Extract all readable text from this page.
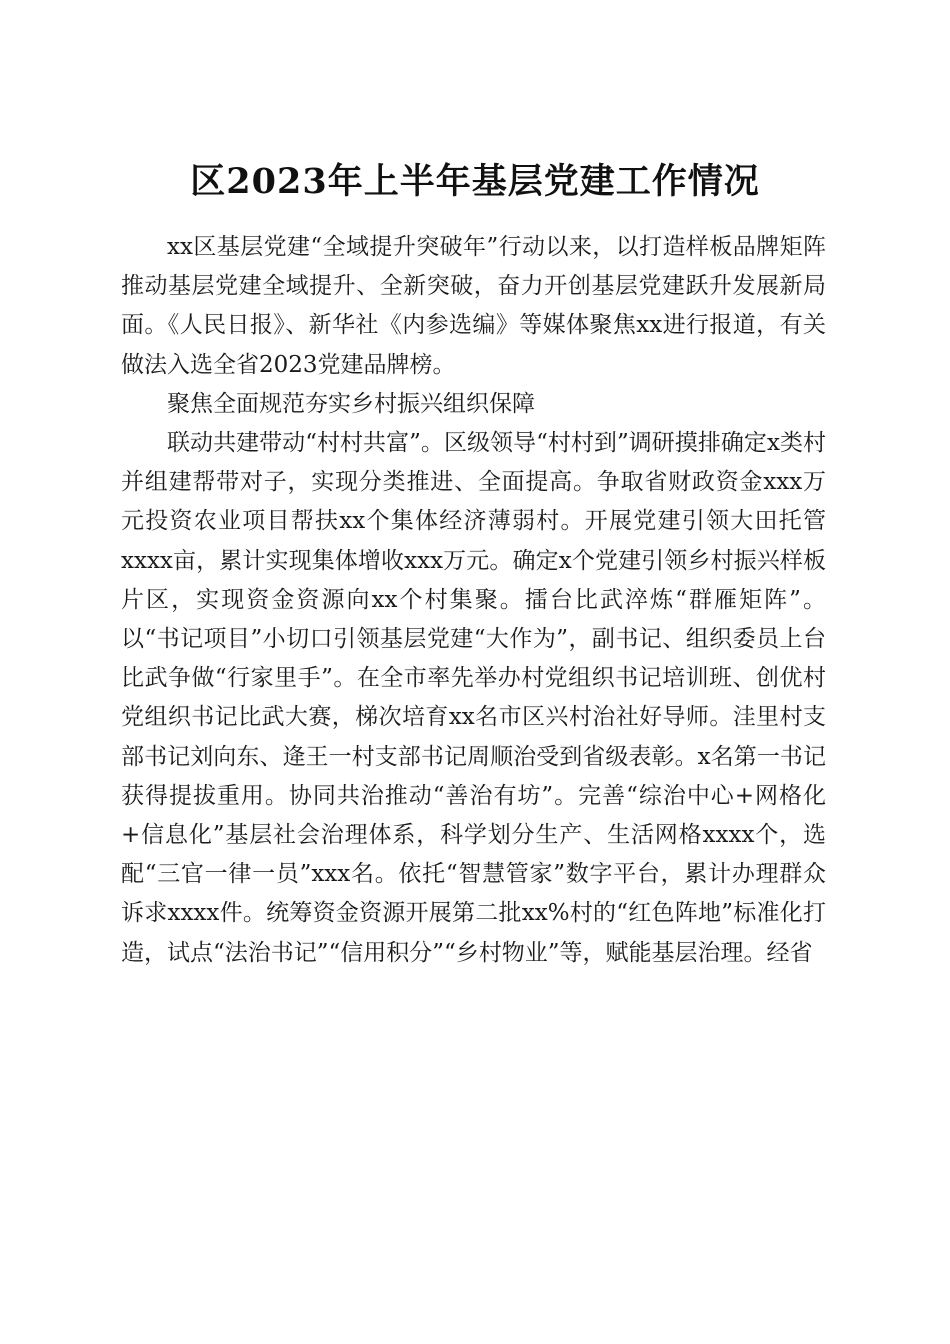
区2023年上半年基层党建工作情况

xx区基层党建“全域提升突破年”行动以来，以打造样板品牌矩阵推动基层党建全域提升、全新突破，奋力开创基层党建跃升发展新局面。《人民日报》、新华社《内参选编》等媒体聚焦xx进行报道，有关做法入选全省2023党建品牌榜。

聚焦全面规范夯实乡村振兴组织保障

联动共建带动“村村共富”。区级领导“村村到”调研摸排确定x类村并组建帮带对子，实现分类推进、全面提高。争取省财政资金xxx万元投资农业项目帮扶xx个集体经济薄弱村。开展党建引领大田托管xxxx亩，累计实现集体增收xxx万元。确定x个党建引领乡村振兴样板片区，实现资金资源向xx个村集聚。擂台比武淬炼“群雁矩阵”。以“书记项目”小切口引领基层党建“大作为”，副书记、组织委员上台比武争做“行家里手”。在全市率先举办村党组织书记培训班、创优村党组织书记比武大赛，梯次培育xx名市区兴村治社好导师。洼里村支部书记刘向东、逄王一村支部书记周顺治受到省级表彰。x名第一书记获得提拔重用。协同共治推动“善治有坊”。完善“综治中心+网格化+信息化”基层社会治理体系，科学划分生产、生活网格xxxx个，选配“三官一律一员”xxx名。依托“智慧管家”数字平台，累计办理群众诉求xxxx件。统筹资金资源开展第二批xx%村的“红色阵地”标准化打造，试点“法治书记”“信用积分”“乡村物业”等，赋能基层治理。经省
